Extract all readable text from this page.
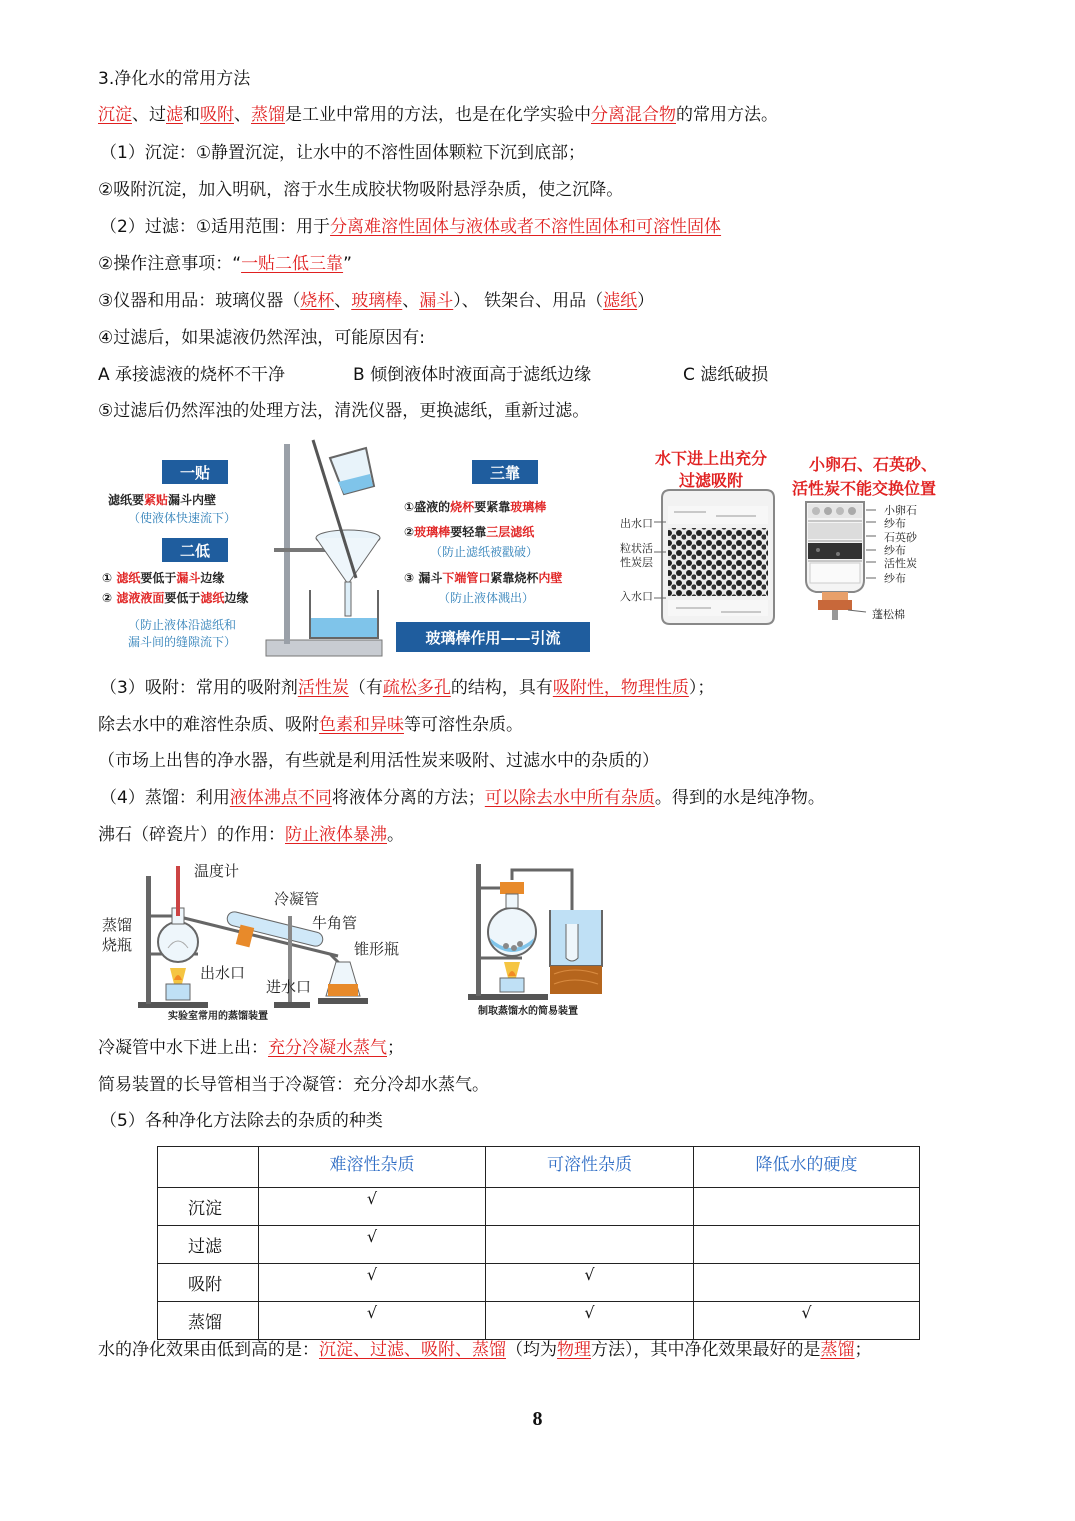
3.净化水的常用方法
沉淀、过滤和吸附、蒸馏是工业中常用的方法，也是在化学实验中分离混合物的常用方法。
（1）沉淀：①静置沉淀，让水中的不溶性固体颗粒下沉到底部；
②吸附沉淀，加入明矾，溶于水生成胶状物吸附悬浮杂质，使之沉降。
（2）过滤：①适用范围：用于分离难溶性固体与液体或者不溶性固体和可溶性固体
②操作注意事项：“一贴二低三靠”
③仪器和用品：玻璃仪器（烧杯、玻璃棒、漏斗）、 铁架台、用品（滤纸）
④过滤后，如果滤液仍然浑浊，可能原因有:
A 承接滤液的烧杯不干净	B 倾倒液体时液面高于滤纸边缘	C 滤纸破损
⑤过滤后仍然浑浊的处理方法，清洗仪器，更换滤纸，重新过滤。
一贴
滤纸要紧贴漏斗内壁
（使液体快速流下）
二低
① 滤纸要低于漏斗边缘
② 滤液液面要低于滤纸边缘
（防止液体沿滤纸和
漏斗间的缝隙流下）
三靠
①盛液的烧杯要紧靠玻璃棒
②玻璃棒要轻靠三层滤纸
（防止滤纸被戳破）
③ 漏斗下端管口紧靠烧杯内壁
（防止液体溅出）
玻璃棒作用——引流
水下进上出充分
过滤吸附
出水口
粒状活
性炭层
入水口
小卵石、石英砂、
小卵石
纱布
石英砂
纱布
活性炭
纱布
蓬松棉
活性炭不能交换位置
（3）吸附：常用的吸附剂活性炭（有疏松多孔的结构，具有吸附性，物理性质）；
除去水中的难溶性杂质、吸附色素和异味等可溶性杂质。
（市场上出售的净水器，有些就是利用活性炭来吸附、过滤水中的杂质的）
（4）蒸馏：利用液体沸点不同将液体分离的方法；可以除去水中所有杂质。得到的水是纯净物。
沸石（碎瓷片）的作用：防止液体暴沸。
温度计
冷凝管
蒸馏
烧瓶
牛角管
锥形瓶
出水口
进水口
实验室常用的蒸馏装置	制取蒸馏水的简易装置
冷凝管中水下进上出：充分冷凝水蒸气；
简易装置的长导管相当于冷凝管：充分冷却水蒸气。
（5）各种净化方法除去的杂质的种类
	难溶性杂质	可溶性杂质	降低水的硬度
沉淀	√		
过滤	√		
吸附	√	√	
蒸馏	√	√	√
水的净化效果由低到高的是：沉淀、过滤、吸附、蒸馏（均为物理方法），其中净化效果最好的是蒸馏；
8
